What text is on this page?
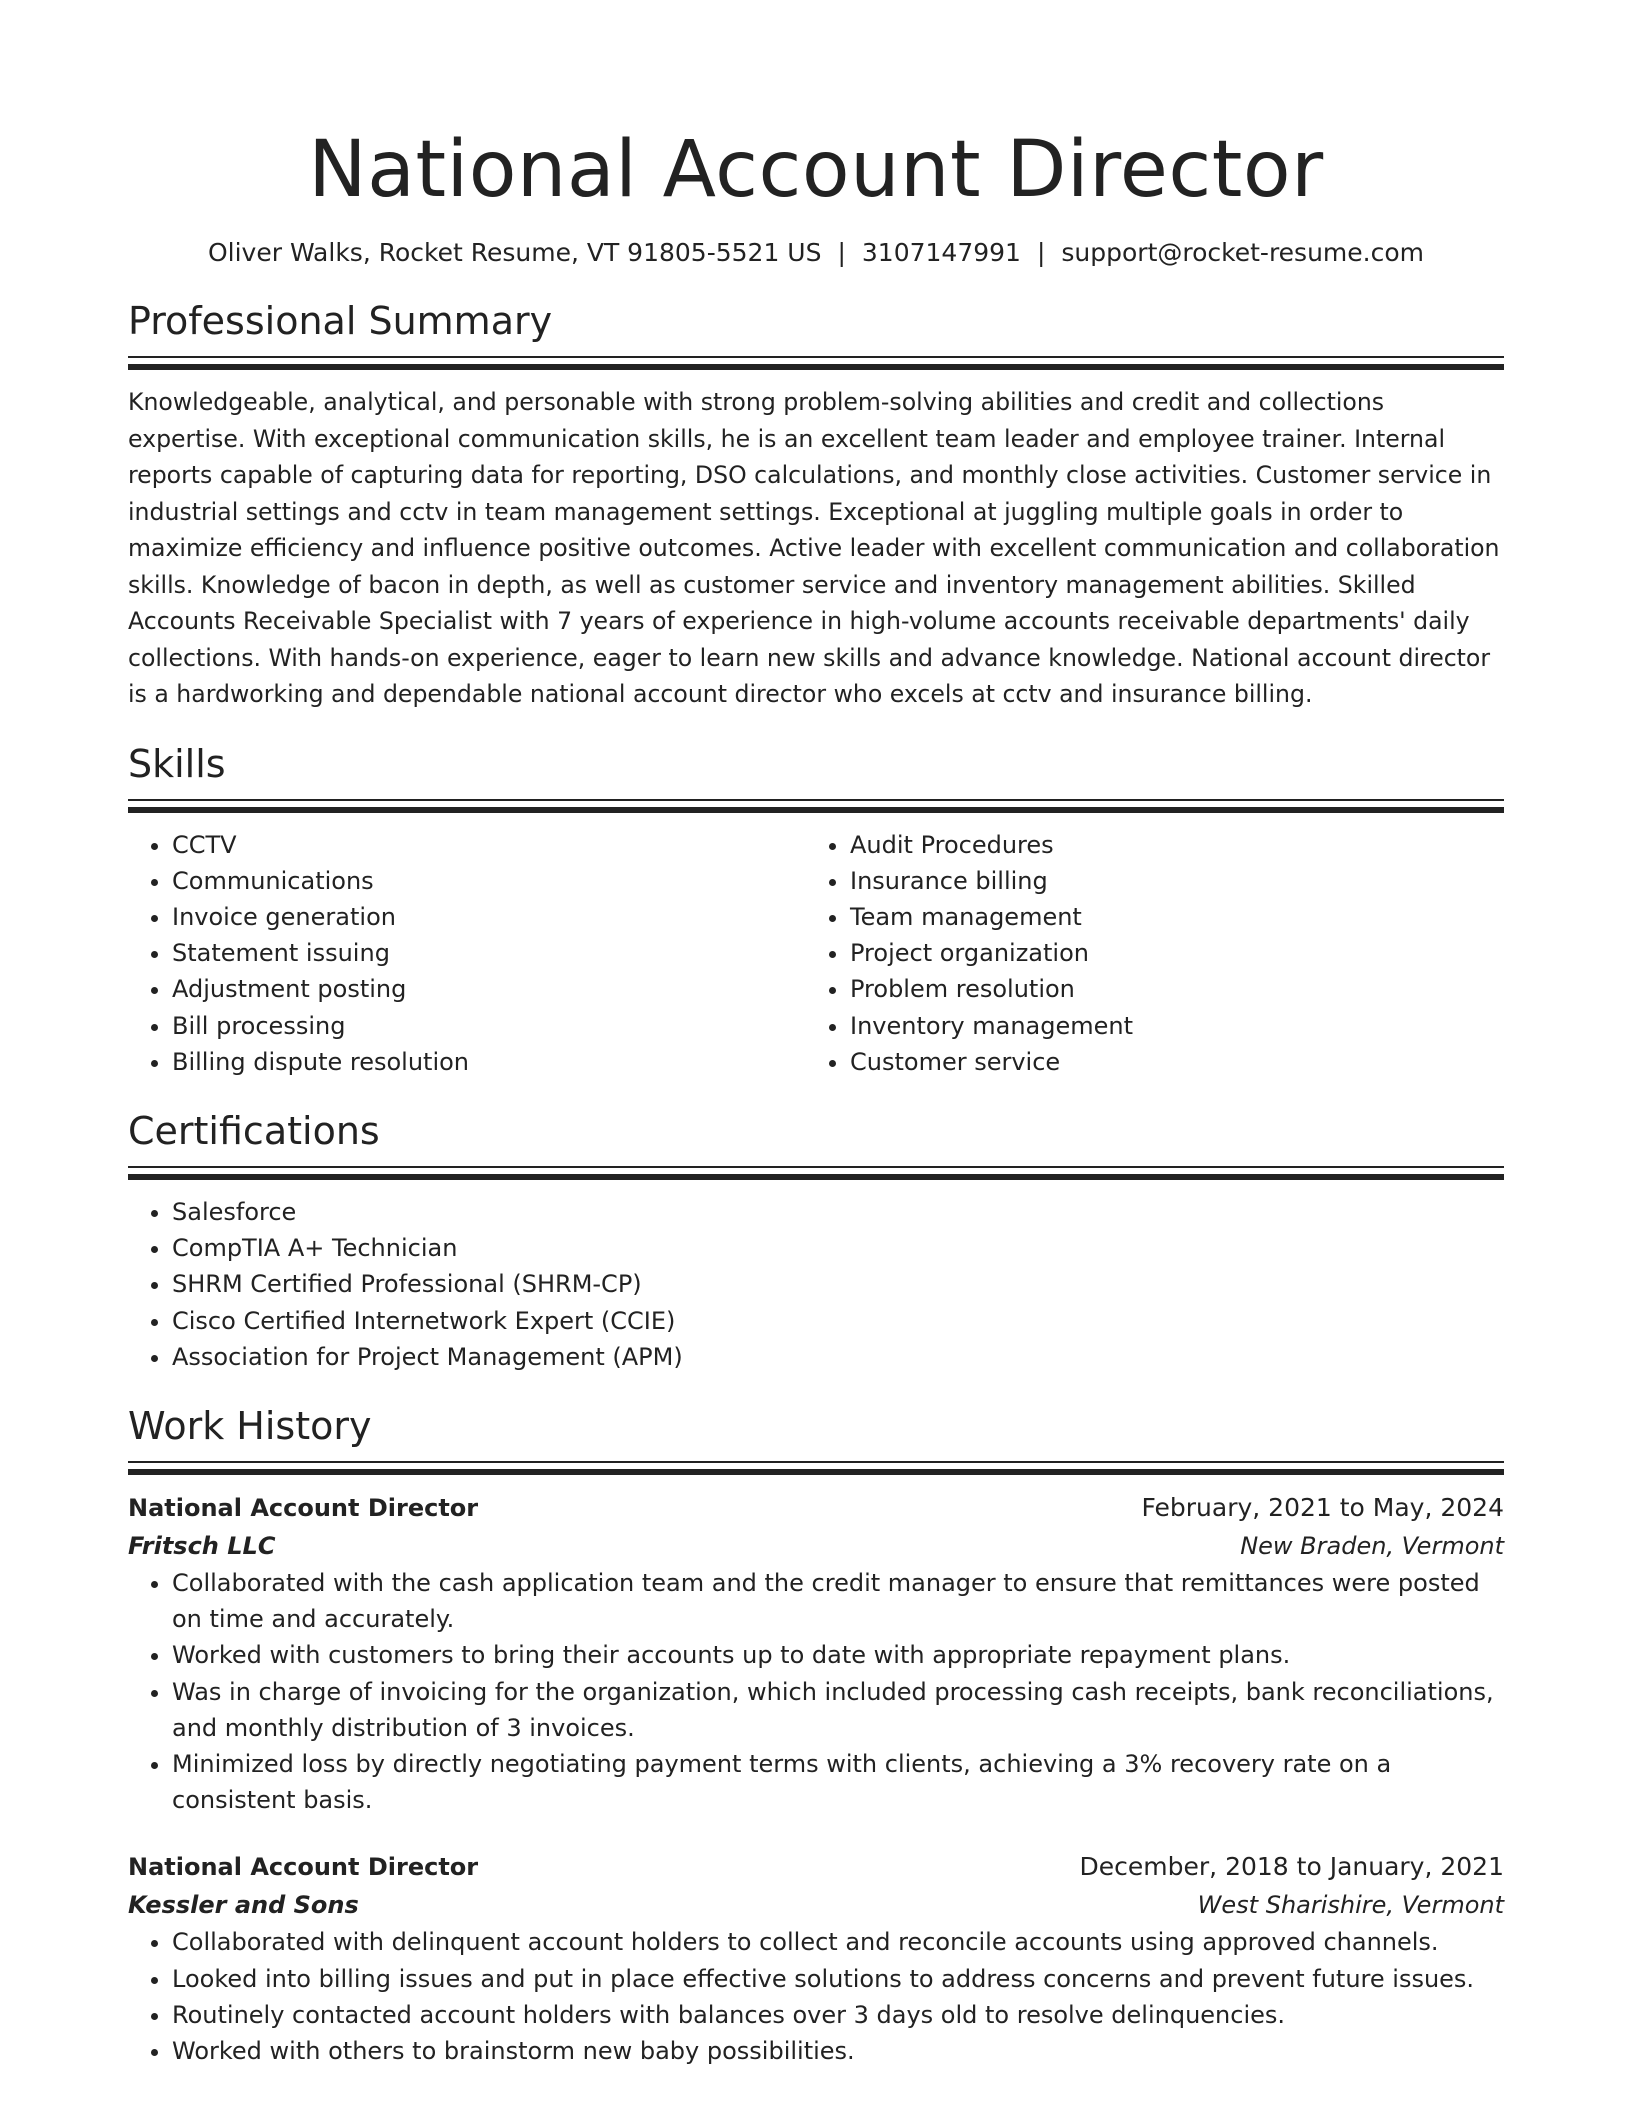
National Account Director
Oliver Walks, Rocket Resume, VT 91805-5521 US | 3107147991 | support@rocket-resume.com
Professional Summary

Knowledgeable, analytical, and personable with strong problem-solving abilities and credit and collections expertise. With exceptional communication skills, he is an excellent team leader and employee trainer. Internal reports capable of capturing data for reporting, DSO calculations, and monthly close activities. Customer service in industrial settings and cctv in team management settings. Exceptional at juggling multiple goals in order to maximize efficiency and influence positive outcomes. Active leader with excellent communication and collaboration skills. Knowledge of bacon in depth, as well as customer service and inventory management abilities. Skilled Accounts Receivable Specialist with 7 years of experience in high-volume accounts receivable departments' daily collections. With hands-on experience, eager to learn new skills and advance knowledge. National account director is a hardworking and dependable national account director who excels at cctv and insurance billing.

Skills
• CCTV
• Communications
• Invoice generation
• Statement issuing
• Adjustment posting
• Bill processing
• Billing dispute resolution
• Audit Procedures
• Insurance billing
• Team management
• Project organization
• Problem resolution
• Inventory management
• Customer service
Certifications
• Salesforce
• CompTIA A+ Technician
• SHRM Certified Professional (SHRM-CP)
• Cisco Certified Internetwork Expert (CCIE)
• Association for Project Management (APM)
Work History
National Account Director	February, 2021 to May, 2024
Fritsch LLC	New Braden, Vermont
• Collaborated with the cash application team and the credit manager to ensure that remittances were posted on time and accurately.
• Worked with customers to bring their accounts up to date with appropriate repayment plans.
• Was in charge of invoicing for the organization, which included processing cash receipts, bank reconciliations, and monthly distribution of 3 invoices.
• Minimized loss by directly negotiating payment terms with clients, achieving a 3% recovery rate on a consistent basis.
National Account Director	December, 2018 to January, 2021
Kessler and Sons	West Sharishire, Vermont
• Collaborated with delinquent account holders to collect and reconcile accounts using approved channels.
• Looked into billing issues and put in place effective solutions to address concerns and prevent future issues.
• Routinely contacted account holders with balances over 3 days old to resolve delinquencies.
• Worked with others to brainstorm new baby possibilities.
